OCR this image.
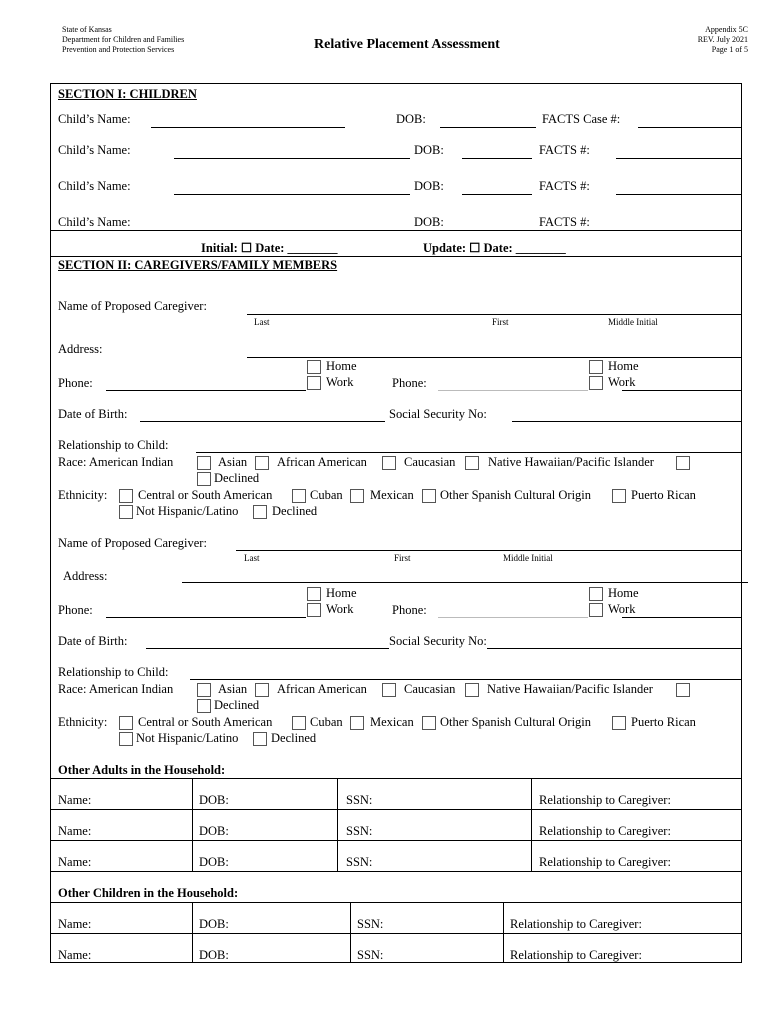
State of Kansas
Department for Children and Families
Prevention and Protection Services	Relative Placement Assessment
Appendix 5C
REV. July 2021
Page 1 of 5
SECTION I: CHILDREN
Child’s Name:	DOB:	FACTS Case #:
Child’s Name:	DOB:	FACTS #:
Child’s Name:	DOB:	FACTS #:
Child’s Name:	DOB:	FACTS #:
Initial: ☐ Date: ________	Update: ☐ Date: ________
SECTION II: CAREGIVERS/FAMILY MEMBERS
Name of Proposed Caregiver:
Last	First	Middle Initial
Address:
Home
Work
Home
Work
Phone:	Phone:
Date of Birth:	Social Security No:
Relationship to Child:
Race: American Indian	Asian African American	Caucasian	Native Hawaiian/Pacific Islander
Declined
Ethnicity: Central or South American	Cuban Mexican Other Spanish Cultural Origin	Puerto Rican
Not Hispanic/Latino	Declined
Name of Proposed Caregiver:
Last	First	Middle Initial
Address:
Home
Work
Home
Work
Phone:	Phone:
Date of Birth:	Social Security No:
Relationship to Child:
Race: American Indian	Asian African American	Caucasian	Native Hawaiian/Pacific Islander
Declined
Ethnicity: Central or South American	Cuban Mexican Other Spanish Cultural Origin	Puerto Rican
Not Hispanic/Latino	Declined
Other Adults in the Household:
Name:	DOB:	SSN:	Relationship to Caregiver:
Name:	DOB:	SSN:	Relationship to Caregiver:
Name:	DOB:	SSN:	Relationship to Caregiver:
Other Children in the Household:
Name:	DOB:	SSN:	Relationship to Caregiver:
Name:	DOB:	SSN:	Relationship to Caregiver:
